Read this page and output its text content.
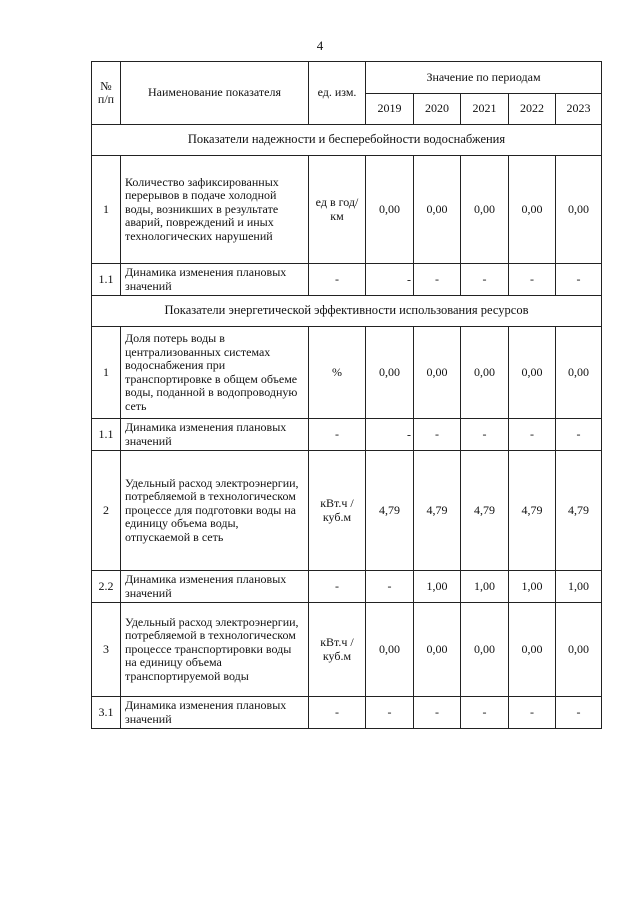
4
№
п/п	Наименование показателя	ед. изм.	Значение по периодам				
			2019	2020	2021	2022	2023
Показатели надежности и бесперебойности водоснабжения							
1	Количество зафиксированных перерывов в подаче холодной воды, возникших в результате аварий, повреждений и иных технологических нарушений	ед в год/ км	0,00	0,00	0,00	0,00	0,00
1.1	Динамика изменения плановых значений	-	-	-	-	-	-
Показатели энергетической эффективности использования ресурсов							
1	Доля потерь воды в централизованных системах водоснабжения при транспортировке в общем объеме воды, поданной в водопроводную сеть	%	0,00	0,00	0,00	0,00	0,00
1.1	Динамика изменения плановых значений	-	-	-	-	-	-
2	Удельный расход электроэнергии, потребляемой в технологическом процессе для подготовки воды на единицу объема воды, отпускаемой в сеть	кВт.ч / куб.м	4,79	4,79	4,79	4,79	4,79
2.2	Динамика изменения плановых значений	-	-	1,00	1,00	1,00	1,00
3	Удельный расход электроэнергии, потребляемой в технологическом процессе транспортировки воды на единицу объема транспортируемой воды	кВт.ч / куб.м	0,00	0,00	0,00	0,00	0,00
3.1	Динамика изменения плановых значений	-	-	-	-	-	-
